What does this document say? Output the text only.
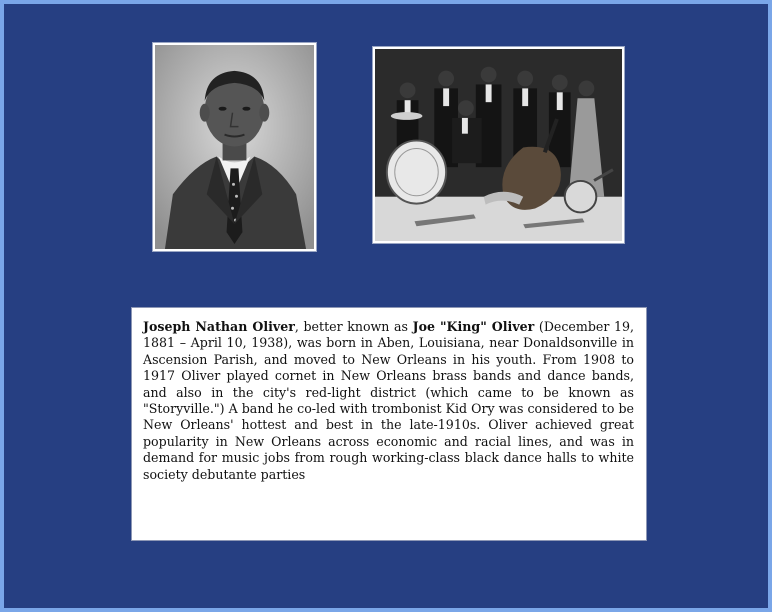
Joseph Nathan Oliver, better known as Joe "King" Oliver (December 19, 1881 – April 10, 1938), was born in Aben, Louisiana, near Donaldsonville in Ascension Parish, and moved to New Orleans in his youth. From 1908 to 1917 Oliver played cornet in New Orleans brass bands and dance bands, and also in the city's red-light district (which came to be known as "Storyville.") A band he co-led with trombonist Kid Ory was considered to be New Orleans' hottest and best in the late-1910s. Oliver achieved great popularity in New Orleans across economic and racial lines, and was in demand for music jobs from rough working-class black dance halls to white society debutante parties
